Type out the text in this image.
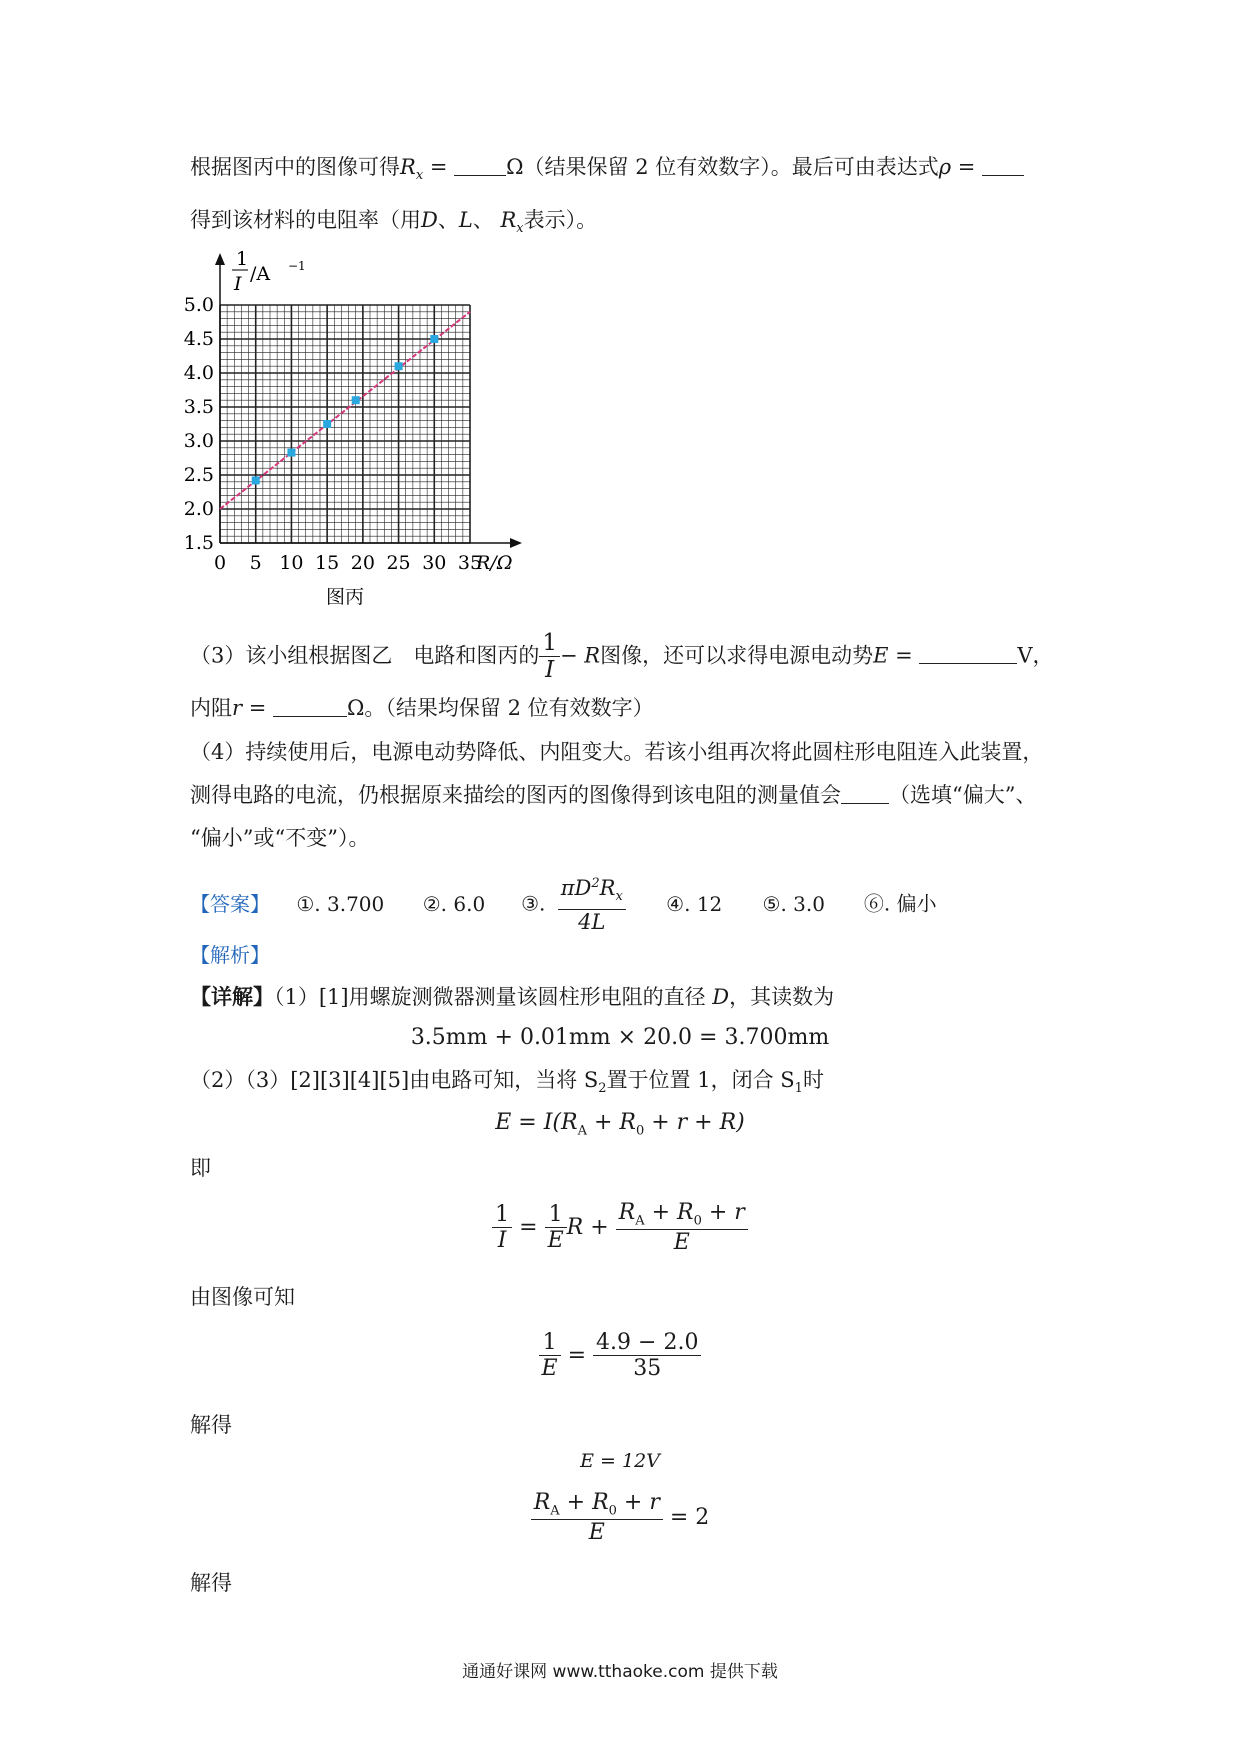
根据图丙中的图像可得$R_x = \Omega$（结果保留 2 位有效数字）。最后可由表达式ρ =
得到该材料的电阻率（用D、L、 $R_x$表示）。
0 5 10 15 20 25 30 35
1.5
2.0
2.5
3.0
3.5
4.0
4.5
5.0
R/Ω
1
I /A −1
图丙
（3）该小组根据图乙　电路和图丙的 $\frac{1}{I} - R$图像，还可以求得电源电动势E =	V，
内阻r =	Ω。（结果均保留 2 位有效数字）
（4）持续使用后，电源电动势降低、内阻变大。若该小组再次将此圆柱形电阻连入此装置，
测得电路的电流，仍根据原来描绘的图丙的图像得到该电阻的测量值会 （选填“偏大”、
“偏小”或“不变”）。
【答案】 ①. 3.700 ②. 6.0 ③. $\frac{\pi D^2R_x}{4L}$ ④. 12 ⑤. 3.0 ⑥. 偏小
【解析】
【详解】（1）[1]用螺旋测微器测量该圆柱形电阻的直径 D，其读数为
3.5mm + 0.01mm × 20.0 = 3.700mm
（2）（3）[2][3][4][5]由电路可知，当将 $S_2$置于位置 1，闭合 $S_1$时
$E = I(R_A + R_0 + r + R)$
即
$\frac{1}{I} = \frac{1}{E}$ $R + \frac{R_A + R_0 + r}{E}$
由图像可知
$\frac{1}{E} = \frac{4.9 - 2.0}{35}$
解得
E = 12V
$\frac{R_A + R_0 + r}{E} = 2$
解得
通通好课网 www.tthaoke.com 提供下载
